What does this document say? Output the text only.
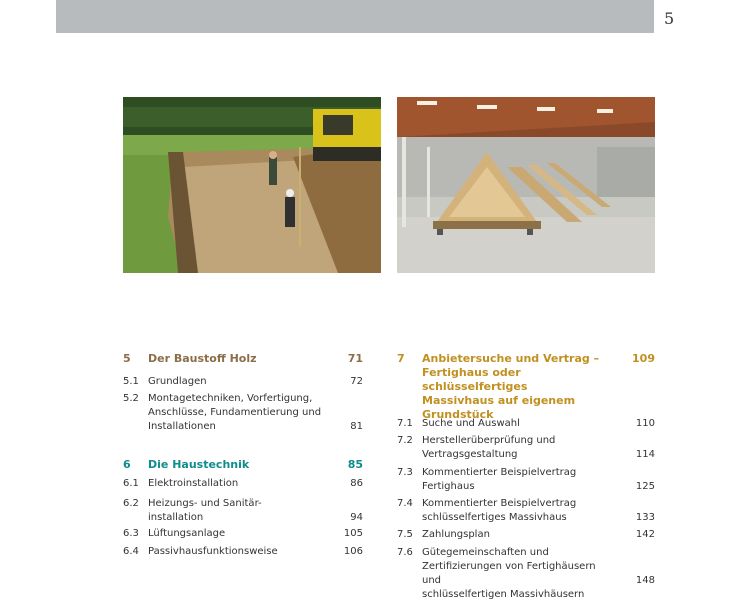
5
5 Der Baustoff Holz	71
5.1 Grundlagen	72
5.2 Montagetechniken, Vorfertigung,
Anschlüsse, Fundamentierung und
Installationen	81
6 Die Haustechnik	85
6.1 Elektroinstallation	86
6.2 Heizungs- und Sanitär-
installation	94
6.3 Lüftungsanlage	105
6.4 Passivhausfunktionsweise	106
7 Anbietersuche und Vertrag –
Fertighaus oder schlüsselfertiges
Massivhaus auf eigenem
Grundstück
109
7.1 Suche und Auswahl	110
7.2 Herstellerüberprüfung und
Vertragsgestaltung	114
7.3 Kommentierter Beispielvertrag
Fertighaus	125
7.4 Kommentierter Beispielvertrag
schlüsselfertiges Massivhaus	133
7.5 Zahlungsplan	142
7.6 Gütegemeinschaften und
Zertifizierungen von Fertighäusern und
schlüsselfertigen Massivhäusern
148
